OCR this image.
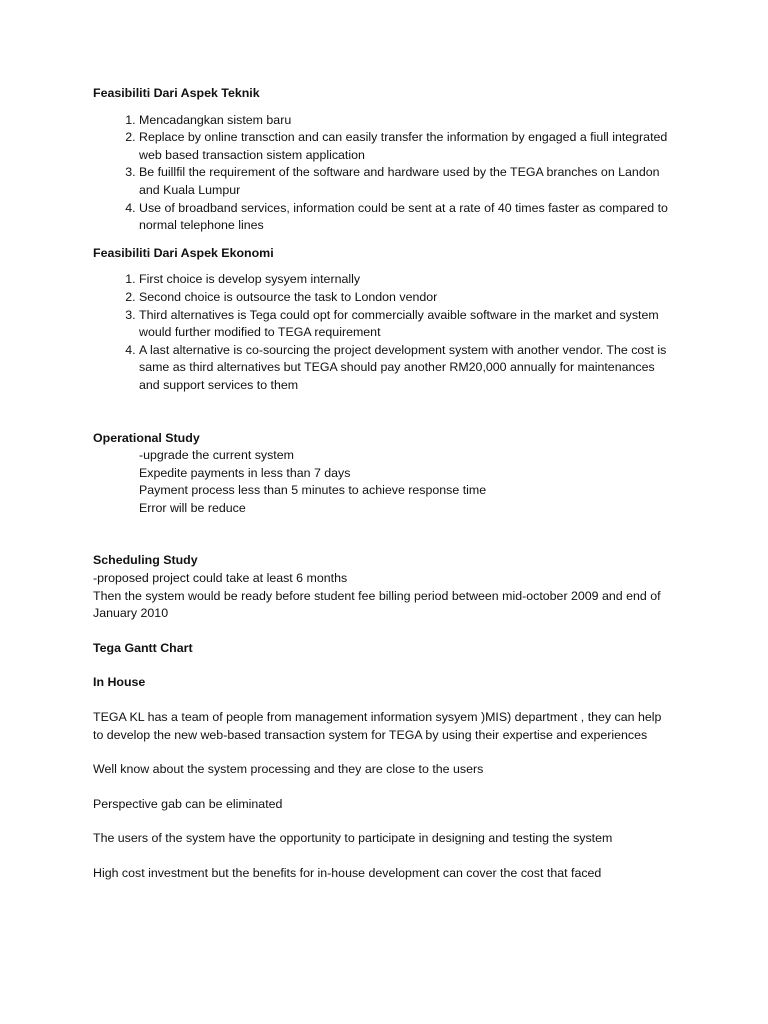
Feasibiliti Dari Aspek Teknik

1. Mencadangkan sistem baru
2. Replace by online transction and can easily transfer the information by engaged a fiull integrated web based transaction sistem application
3. Be fuillfil the requirement of the software and hardware used by the TEGA branches on Landon and Kuala Lumpur
4. Use of broadband services, information could be sent at a rate of 40 times faster as compared to normal telephone lines

Feasibiliti Dari Aspek Ekonomi

1. First choice is develop sysyem internally
2. Second choice is outsource the task to London vendor
3. Third alternatives is Tega could opt for commercially avaible software in the market and system would further modified to TEGA requirement
4. A last alternative is co-sourcing the project development system with another vendor. The cost is same as third alternatives but TEGA should pay another RM20,000 annually for maintenances and support services to them

Operational Study

-upgrade the current system

Expedite payments in less than 7 days

Payment process less than 5 minutes to achieve response time

Error will be reduce

Scheduling Study

-proposed project could take at least 6 months

Then the system would be ready before student fee billing period between mid-october 2009 and end of January 2010

Tega Gantt Chart

In House

TEGA KL has a team of people from management information sysyem )MIS) department , they can help to develop the new web-based transaction system for TEGA by using their expertise and experiences

Well know about the system processing and they are close to the users

Perspective gab can be eliminated

The users of the system have the opportunity to participate in designing and testing the system

High cost investment but the benefits for in-house development can cover the cost that faced
